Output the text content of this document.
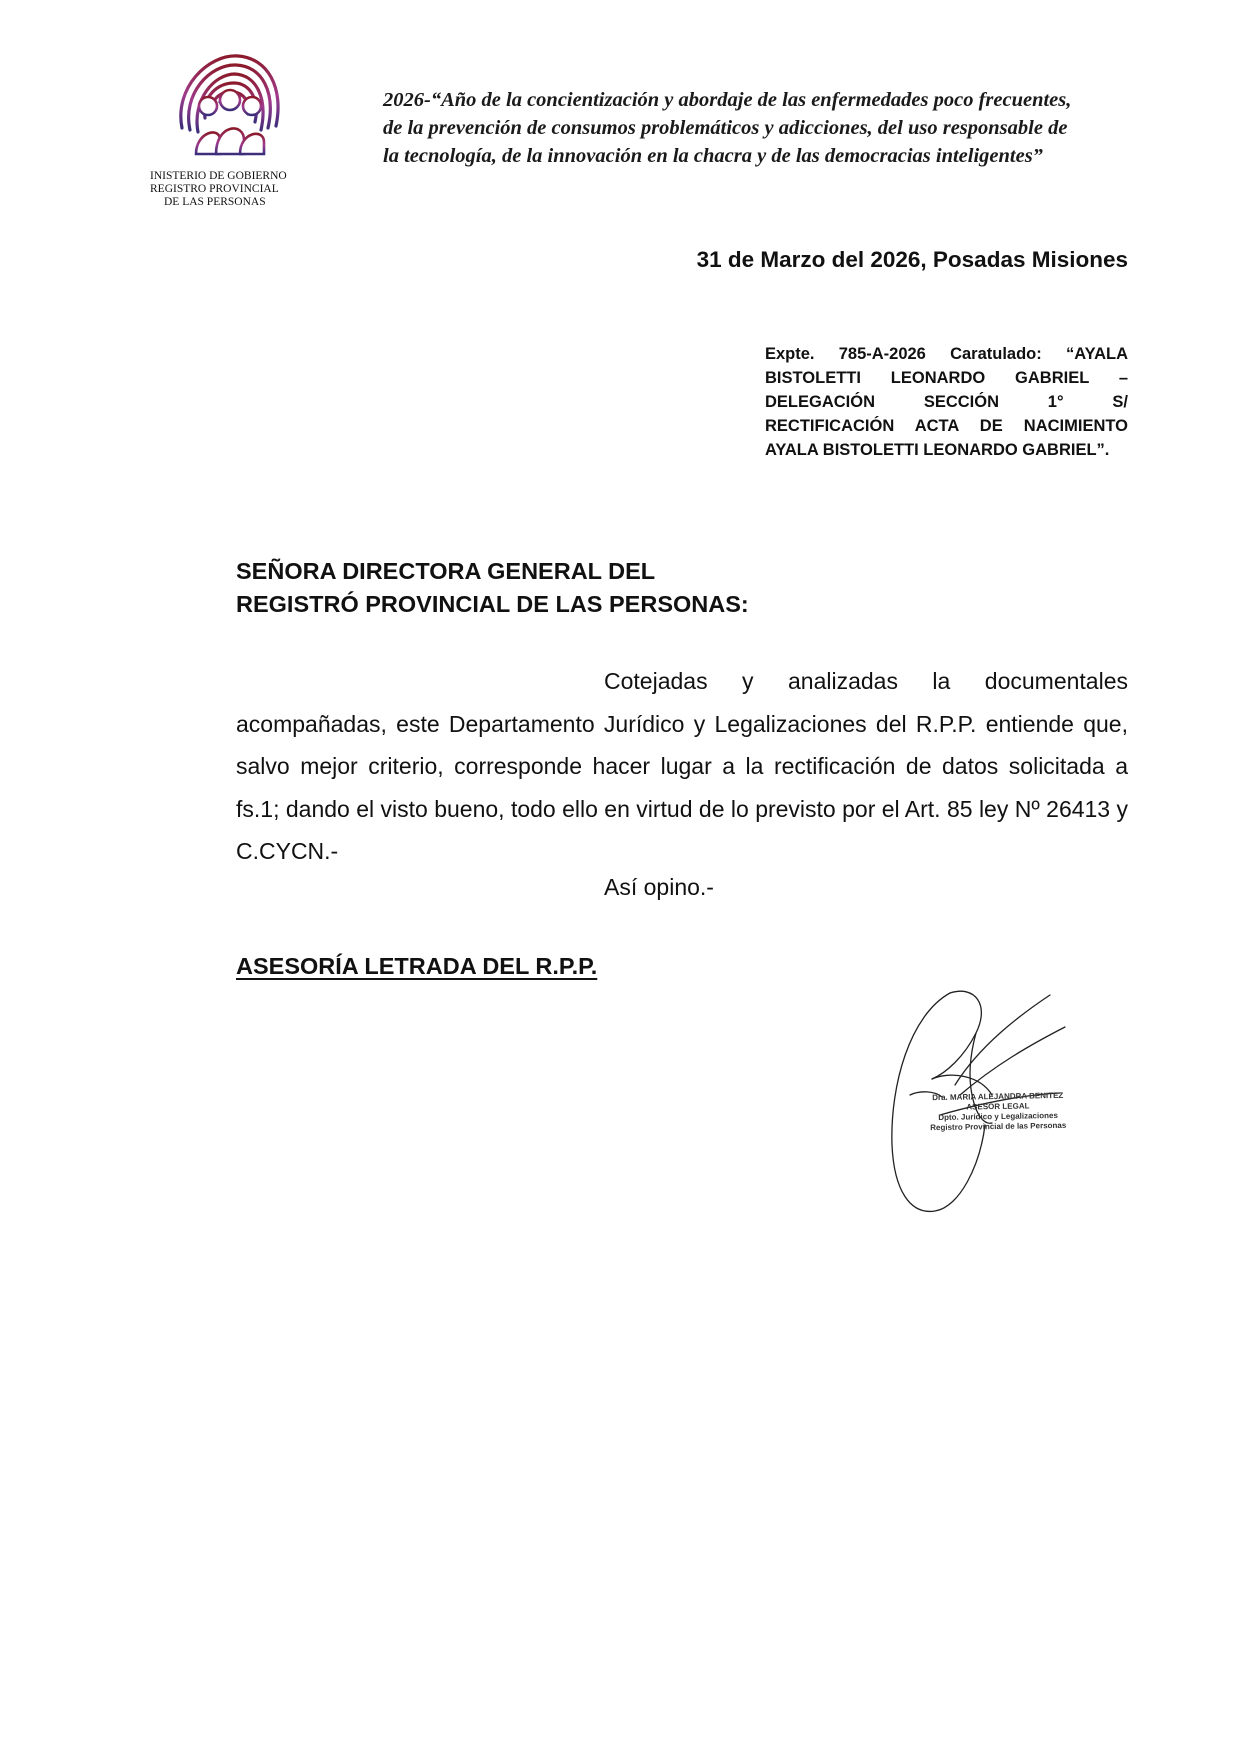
INISTERIO DE GOBIERNO
REGISTRO PROVINCIAL
DE LAS PERSONAS
2026-“Año de la concientización y abordaje de las enfermedades poco frecuentes,
de la prevención de consumos problemáticos y adicciones, del uso responsable de
la tecnología, de la innovación en la chacra y de las democracias inteligentes”
31 de Marzo del 2026, Posadas Misiones
Expte. 785-A-2026 Caratulado: “AYALA BISTOLETTI LEONARDO GABRIEL – DELEGACIÓN SECCIÓN 1° S/ RECTIFICACIÓN ACTA DE NACIMIENTO AYALA BISTOLETTI LEONARDO GABRIEL”.
SEÑORA DIRECTORA GENERAL DEL
REGISTRÓ PROVINCIAL DE LAS PERSONAS:
Cotejadas y analizadas la documentales acompañadas, este Departamento Jurídico y Legalizaciones del R.P.P. entiende que, salvo mejor criterio, corresponde hacer lugar a la rectificación de datos solicitada a fs.1; dando el visto bueno, todo ello en virtud de lo previsto por el Art. 85 ley Nº 26413 y C.CYCN.-
Así opino.-
ASESORÍA LETRADA DEL R.P.P.
Dra. MARIA ALEJANDRA BENITEZ
ASESOR LEGAL
Dpto. Jurídico y Legalizaciones
Registro Provincial de las Personas
